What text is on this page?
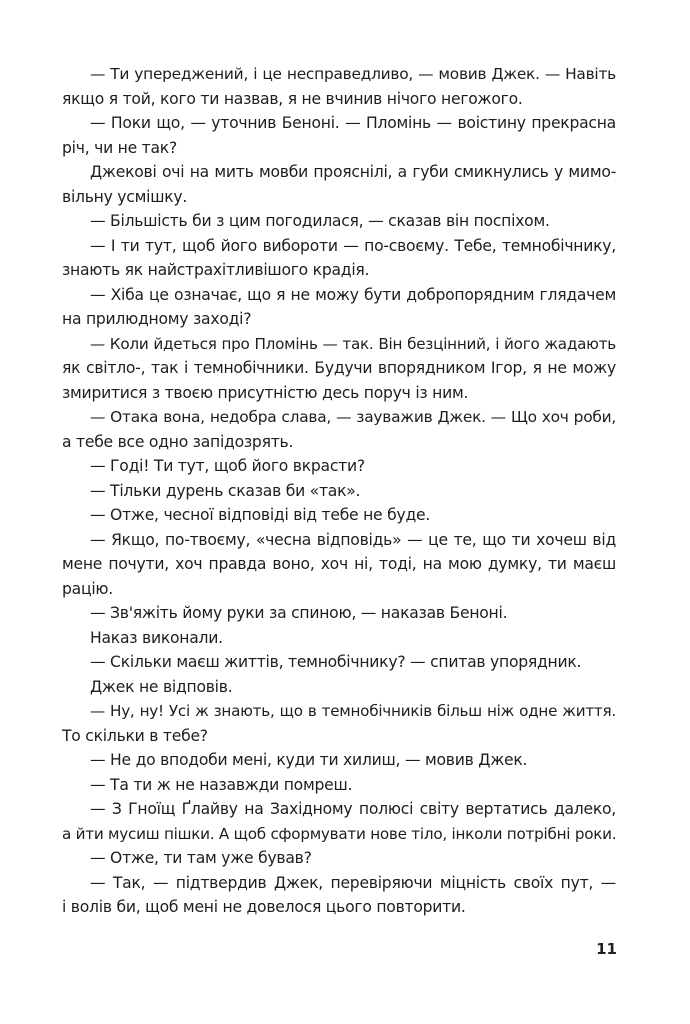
— Ти упереджений, і це несправедливо, — мовив Джек. — Навіть
якщо я той, кого ти назвав, я не вчинив нічого негожого.
— Поки що, — уточнив Беноні. — Пломінь — воістину прекрасна
річ, чи не так?
Джекові очі на мить мовби прояснілі, а губи смикнулись у мимо-
вільну усмішку.
— Більшість би з цим погодилася, — сказав він поспіхом.
— І ти тут, щоб його вибороти — по-своєму. Тебе, темнобічнику,
знають як найстрахітливішого крадія.
— Хіба це означає, що я не можу бути добропорядним глядачем
на прилюдному заході?
— Коли йдеться про Пломінь — так. Він безцінний, і його жадають
як світло-, так і темнобічники. Будучи впорядником Ігор, я не можу
змиритися з твоєю присутністю десь поруч із ним.
— Отака вона, недобра слава, — зауважив Джек. — Що хоч роби,
а тебе все одно запідозрять.
— Годі! Ти тут, щоб його вкрасти?
— Тільки дурень сказав би «так».
— Отже, чесної відповіді від тебе не буде.
— Якщо, по-твоєму, «чесна відповідь» — це те, що ти хочеш від
мене почути, хоч правда воно, хоч ні, тоді, на мою думку, ти маєш
рацію.
— Зв'яжіть йому руки за спиною, — наказав Беноні.
Наказ виконали.
— Скільки маєш життів, темнобічнику? — спитав упорядник.
Джек не відповів.
— Ну, ну! Усі ж знають, що в темнобічників більш ніж одне життя.
То скільки в тебе?
— Не до вподоби мені, куди ти хилиш, — мовив Джек.
— Та ти ж не назавжди помреш.
— З Гноїщ Ґлайву на Західному полюсі світу вертатись далеко,
а йти мусиш пішки. А щоб сформувати нове тіло, інколи потрібні роки.
— Отже, ти там уже бував?
— Так, — підтвердив Джек, перевіряючи міцність своїх пут, —
і волів би, щоб мені не довелося цього повторити.
11
